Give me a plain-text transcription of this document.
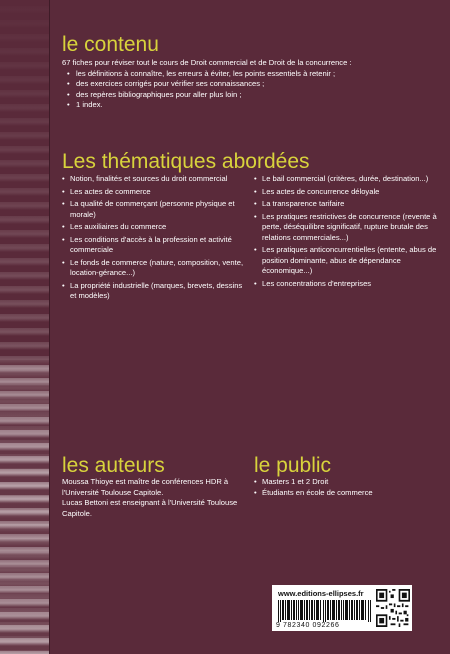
le contenu
67 fiches pour réviser tout le cours de Droit commercial et de Droit de la concurrence :
• les définitions à connaître, les erreurs à éviter, les points essentiels à retenir ;
• des exercices corrigés pour vérifier ses connaissances ;
• des repères bibliographiques pour aller plus loin ;
• 1 index.
Les thématiques abordées
• Notion, finalités et sources du droit commercial
• Les actes de commerce
• La qualité de commerçant (personne physique et morale)
• Les auxiliaires du commerce
• Les conditions d'accès à la profession et activité commerciale
• Le fonds de commerce (nature, composition, vente, location-gérance...)
• La propriété industrielle (marques, brevets, dessins et modèles)
• Le bail commercial (critères, durée, destination...)
• Les actes de concurrence déloyale
• La transparence tarifaire
• Les pratiques restrictives de concurrence (revente à perte, déséquilibre significatif, rupture brutale des relations commerciales...)
• Les pratiques anticoncurrentielles (entente, abus de position dominante, abus de dépendance économique...)
• Les concentrations d'entreprises
les auteurs
Moussa Thioye est maître de conférences HDR à l'Université Toulouse Capitole.
Lucas Bettoni est enseignant à l'Université Toulouse Capitole.
le public
• Masters 1 et 2 Droit
• Étudiants en école de commerce
www.editions-ellipses.fr
9 782340 092266
